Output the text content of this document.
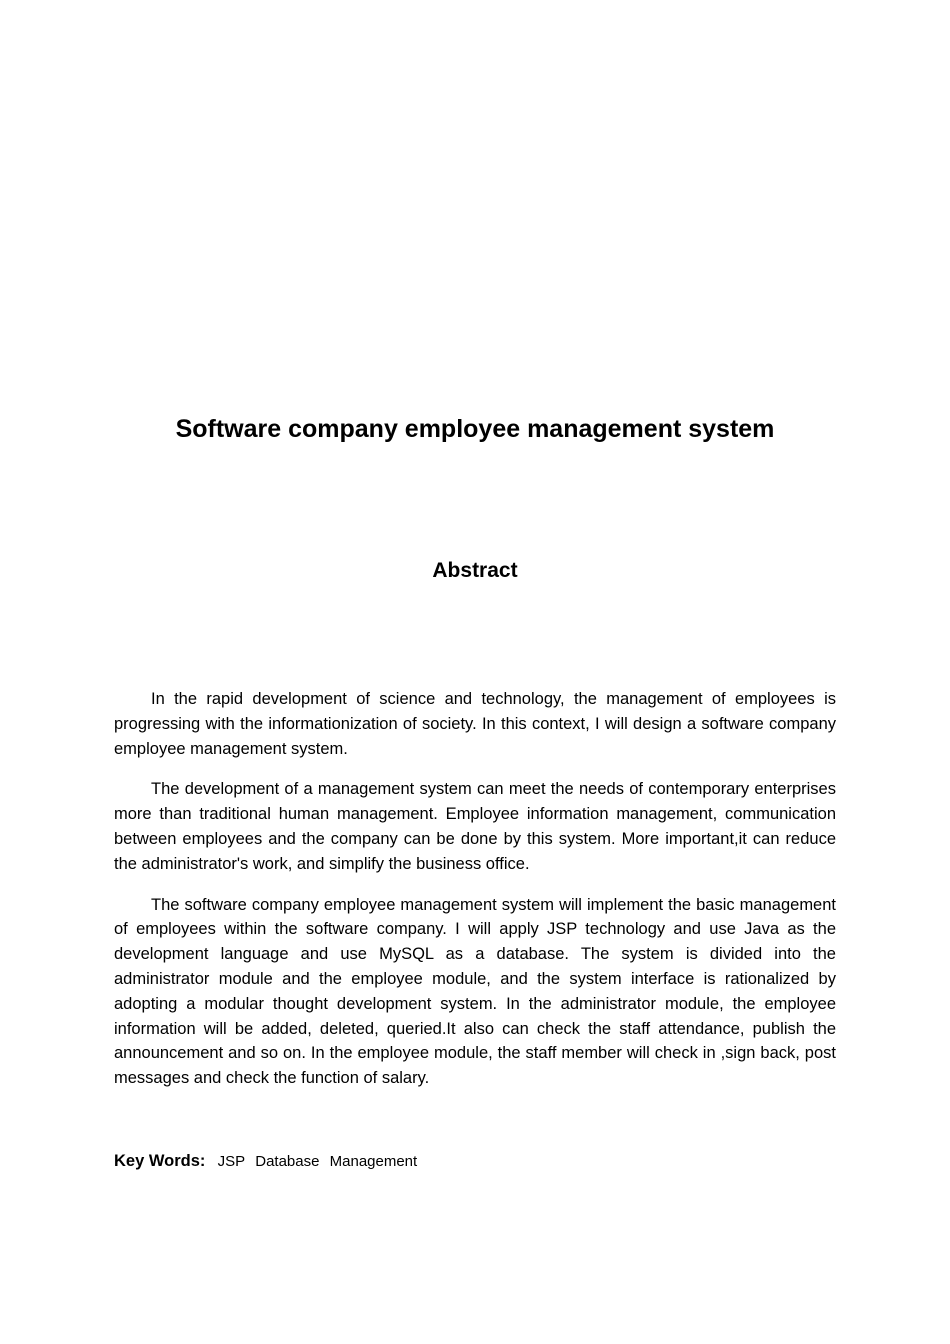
Software company employee management system
Abstract

In the rapid development of science and technology, the management of employees is progressing with the informationization of society. In this context, I will design a software company employee management system.

The development of a management system can meet the needs of contemporary enterprises more than traditional human management. Employee information management, communication between employees and the company can be done by this system. More important,it can reduce the administrator's work, and simplify the business office.

The software company employee management system will implement the basic management of employees within the software company. I will apply JSP technology and use Java as the development language and use MySQL as a database. The system is divided into the administrator module and the employee module, and the system interface is rationalized by adopting a modular thought development system. In the administrator module, the employee information will be added, deleted, queried.It also can check the staff attendance, publish the announcement and so on. In the employee module, the staff member will check in ,sign back, post messages and check the function of salary.

Key Words: JSP Database Management
